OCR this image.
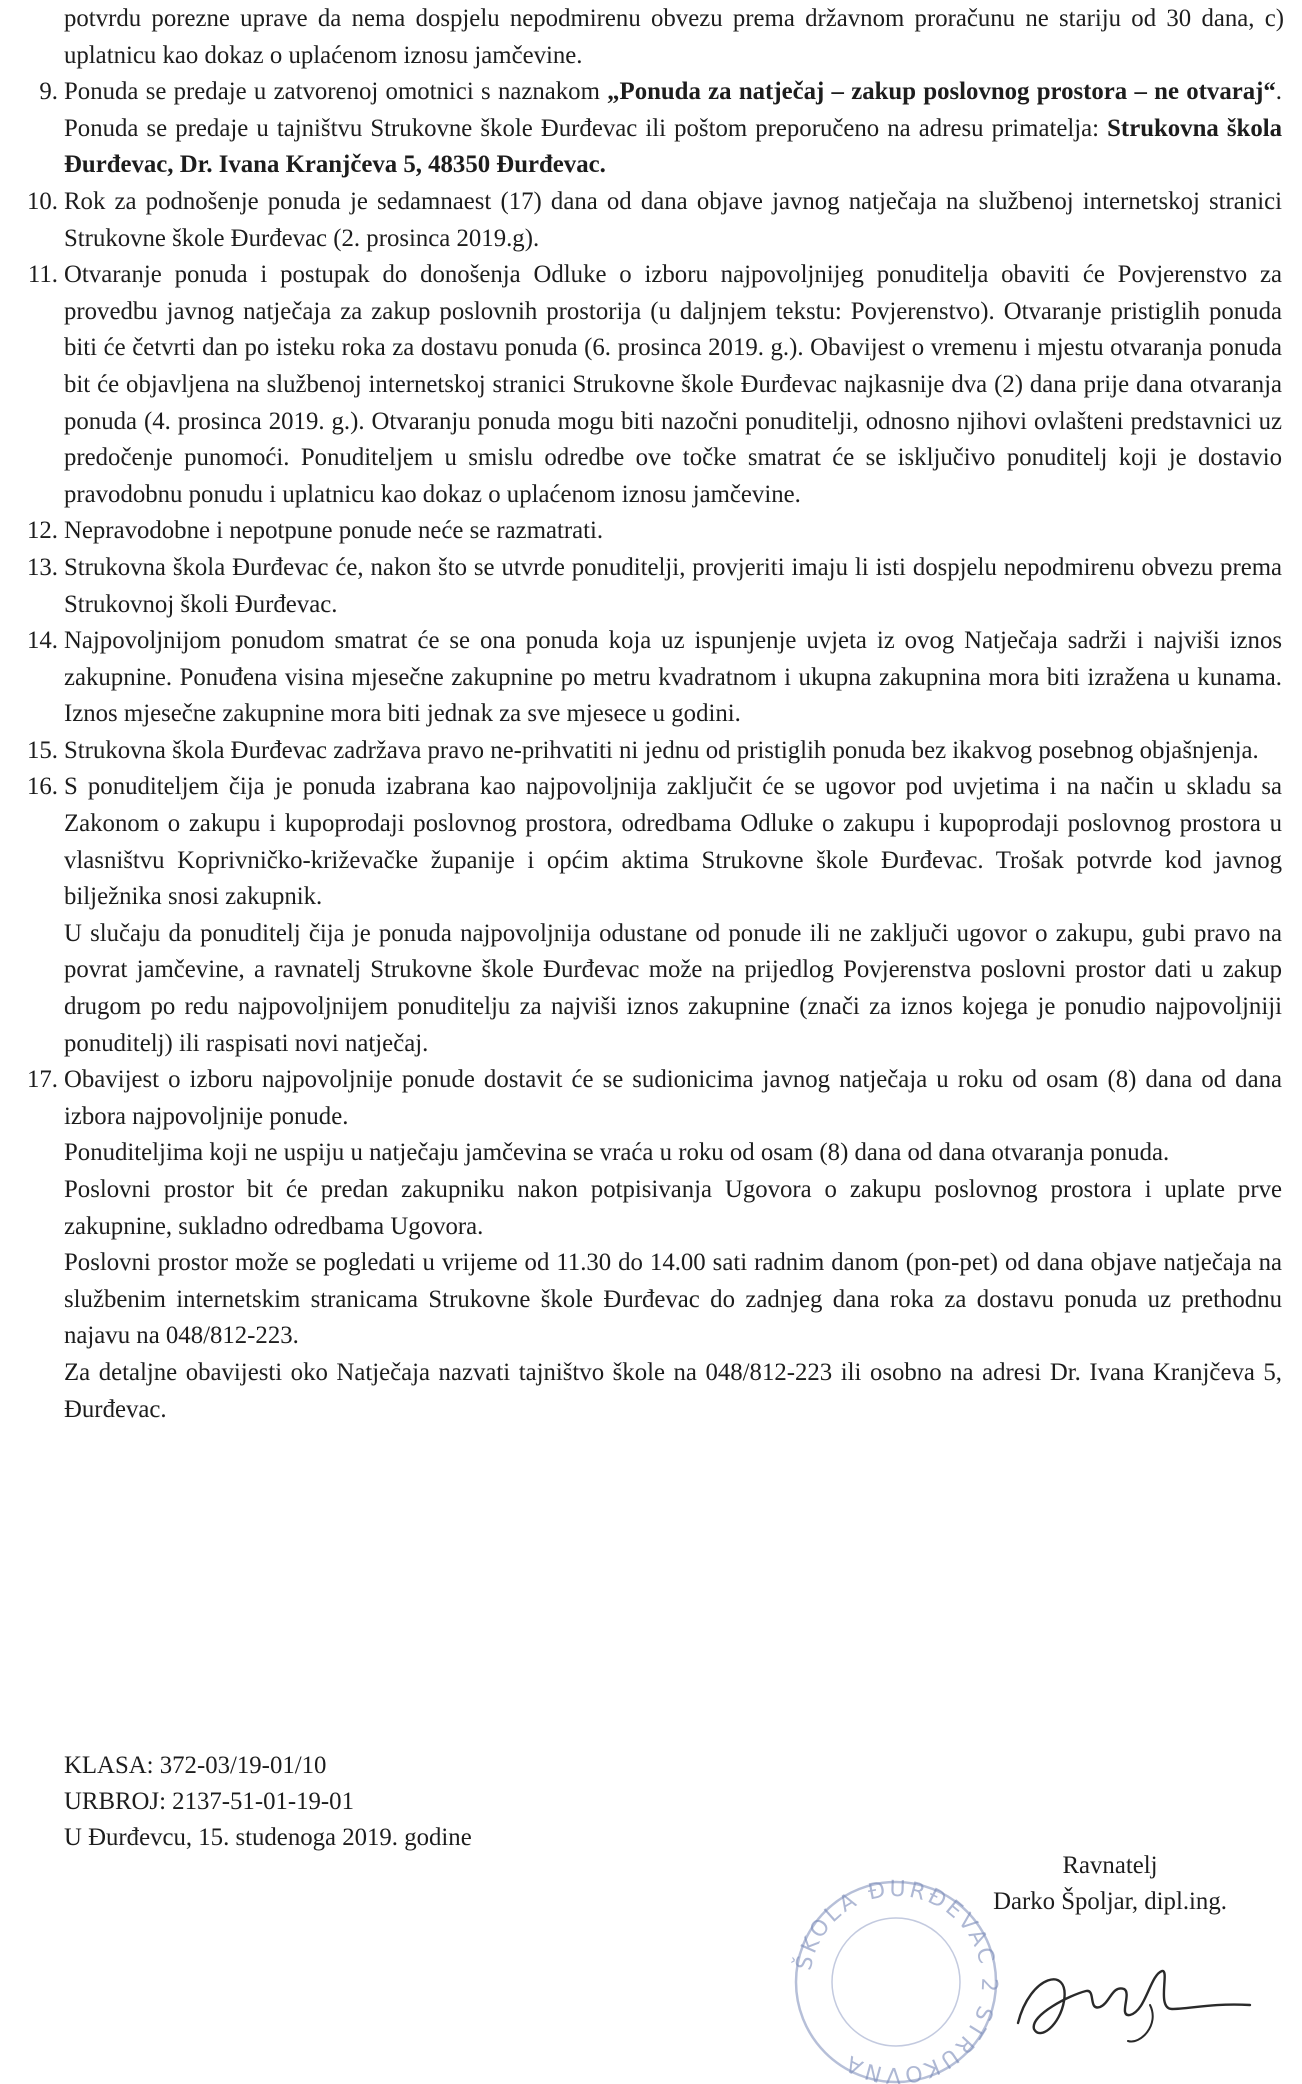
potvrdu porezne uprave da nema dospjelu nepodmirenu obvezu prema državnom proračunu ne stariju od 30 dana, c) uplatnicu kao dokaz o uplaćenom iznosu jamčevine.
9. Ponuda se predaje u zatvorenoj omotnici s naznakom „Ponuda za natječaj – zakup poslovnog prostora – ne otvaraj“. Ponuda se predaje u tajništvu Strukovne škole Đurđevac ili poštom preporučeno na adresu primatelja: Strukovna škola Đurđevac, Dr. Ivana Kranjčeva 5, 48350 Đurđevac.
10. Rok za podnošenje ponuda je sedamnaest (17) dana od dana objave javnog natječaja na službenoj internetskoj stranici Strukovne škole Đurđevac (2. prosinca 2019.g).
11. Otvaranje ponuda i postupak do donošenja Odluke o izboru najpovoljnijeg ponuditelja obaviti će Povjerenstvo za provedbu javnog natječaja za zakup poslovnih prostorija (u daljnjem tekstu: Povjerenstvo). Otvaranje pristiglih ponuda biti će četvrti dan po isteku roka za dostavu ponuda (6. prosinca 2019. g.). Obavijest o vremenu i mjestu otvaranja ponuda bit će objavljena na službenoj internetskoj stranici Strukovne škole Đurđevac najkasnije dva (2) dana prije dana otvaranja ponuda (4. prosinca 2019. g.). Otvaranju ponuda mogu biti nazočni ponuditelji, odnosno njihovi ovlašteni predstavnici uz predočenje punomoći. Ponuditeljem u smislu odredbe ove točke smatrat će se isključivo ponuditelj koji je dostavio pravodobnu ponudu i uplatnicu kao dokaz o uplaćenom iznosu jamčevine.
12. Nepravodobne i nepotpune ponude neće se razmatrati.
13. Strukovna škola Đurđevac će, nakon što se utvrde ponuditelji, provjeriti imaju li isti dospjelu nepodmirenu obvezu prema Strukovnoj školi Đurđevac.
14. Najpovoljnijom ponudom smatrat će se ona ponuda koja uz ispunjenje uvjeta iz ovog Natječaja sadrži i najviši iznos zakupnine. Ponuđena visina mjesečne zakupnine po metru kvadratnom i ukupna zakupnina mora biti izražena u kunama. Iznos mjesečne zakupnine mora biti jednak za sve mjesece u godini.
15. Strukovna škola Đurđevac zadržava pravo ne-prihvatiti ni jednu od pristiglih ponuda bez ikakvog posebnog objašnjenja.
16. S ponuditeljem čija je ponuda izabrana kao najpovoljnija zaključit će se ugovor pod uvjetima i na način u skladu sa Zakonom o zakupu i kupoprodaji poslovnog prostora, odredbama Odluke o zakupu i kupoprodaji poslovnog prostora u vlasništvu Koprivničko-križevačke županije i općim aktima Strukovne škole Đurđevac. Trošak potvrde kod javnog bilježnika snosi zakupnik.
U slučaju da ponuditelj čija je ponuda najpovoljnija odustane od ponude ili ne zaključi ugovor o zakupu, gubi pravo na povrat jamčevine, a ravnatelj Strukovne škole Đurđevac može na prijedlog Povjerenstva poslovni prostor dati u zakup drugom po redu najpovoljnijem ponuditelju za najviši iznos zakupnine (znači za iznos kojega je ponudio najpovoljniji ponuditelj) ili raspisati novi natječaj.
17. Obavijest o izboru najpovoljnije ponude dostavit će se sudionicima javnog natječaja u roku od osam (8) dana od dana izbora najpovoljnije ponude.
Ponuditeljima koji ne uspiju u natječaju jamčevina se vraća u roku od osam (8) dana od dana otvaranja ponuda.
Poslovni prostor bit će predan zakupniku nakon potpisivanja Ugovora o zakupu poslovnog prostora i uplate prve zakupnine, sukladno odredbama Ugovora.
Poslovni prostor može se pogledati u vrijeme od 11.30 do 14.00 sati radnim danom (pon-pet) od dana objave natječaja na službenim internetskim stranicama Strukovne škole Đurđevac do zadnjeg dana roka za dostavu ponuda uz prethodnu najavu na 048/812-223.
Za detaljne obavijesti oko Natječaja nazvati tajništvo škole na 048/812-223 ili osobno na adresi Dr. Ivana Kranjčeva 5, Đurđevac.
KLASA: 372-03/19-01/10
URBROJ: 2137-51-01-19-01
U Đurđevcu, 15. studenoga 2019. godine
ŠKOLA ĐURĐEVAC 2 STRUKOVNA
Ravnatelj
Darko Špoljar, dipl.ing.
